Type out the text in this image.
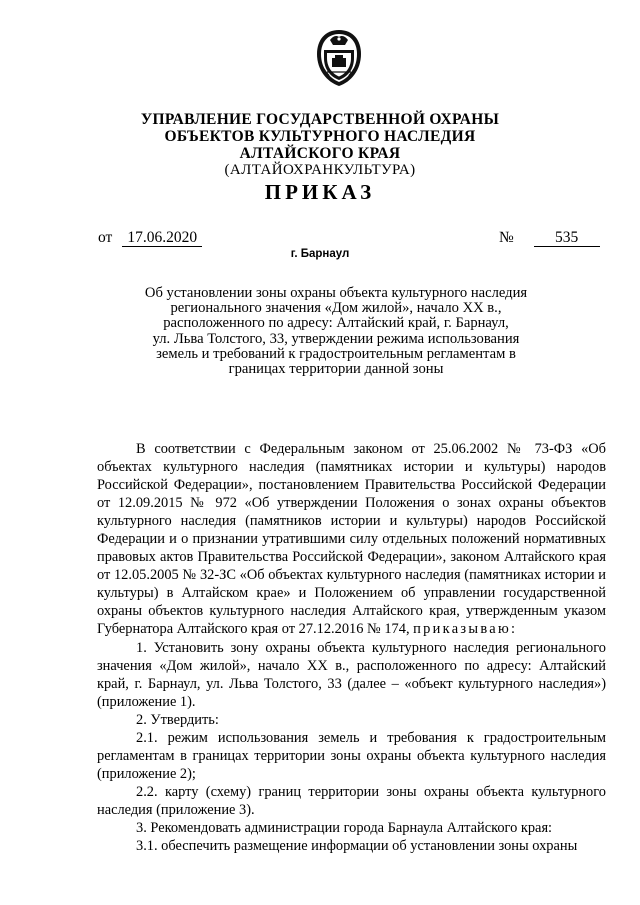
УПРАВЛЕНИЕ ГОСУДАРСТВЕННОЙ ОХРАНЫ
ОБЪЕКТОВ КУЛЬТУРНОГО НАСЛЕДИЯ
АЛТАЙСКОГО КРАЯ
(АЛТАЙОХРАНКУЛЬТУРА)
ПРИКАЗ
от 17.06.2020	№	535
г. Барнаул
Об установлении зоны охраны объекта культурного наследия
регионального значения «Дом жилой», начало XX в.,
расположенного по адресу: Алтайский край, г. Барнаул,
ул. Льва Толстого, 33, утверждении режима использования
земель и требований к градостроительным регламентам в
границах территории данной зоны

В соответствии с Федеральным законом от 25.06.2002 № 73-ФЗ «Об объектах культурного наследия (памятниках истории и культуры) народов Российской Федерации», постановлением Правительства Российской Федерации от 12.09.2015 № 972 «Об утверждении Положения о зонах охраны объектов культурного наследия (памятников истории и культуры) народов Российской Федерации и о признании утратившими силу отдельных положений нормативных правовых актов Правительства Российской Федерации», законом Алтайского края от 12.05.2005 № 32-ЗС «Об объектах культурного наследия (памятниках истории и культуры) в Алтайском крае» и Положением об управлении государственной охраны объектов культурного наследия Алтайского края, утвержденным указом Губернатора Алтайского края от 27.12.2016 № 174, приказываю:

1. Установить зону охраны объекта культурного наследия регионального значения «Дом жилой», начало XX в., расположенного по адресу: Алтайский край, г. Барнаул, ул. Льва Толстого, 33 (далее – «объект культурного наследия») (приложение 1).

2. Утвердить:

2.1. режим использования земель и требования к градостроительным регламентам в границах территории зоны охраны объекта культурного наследия (приложение 2);

2.2. карту (схему) границ территории зоны охраны объекта культурного наследия (приложение 3).

3. Рекомендовать администрации города Барнаула Алтайского края:

3.1. обеспечить размещение информации об установлении зоны охраны
